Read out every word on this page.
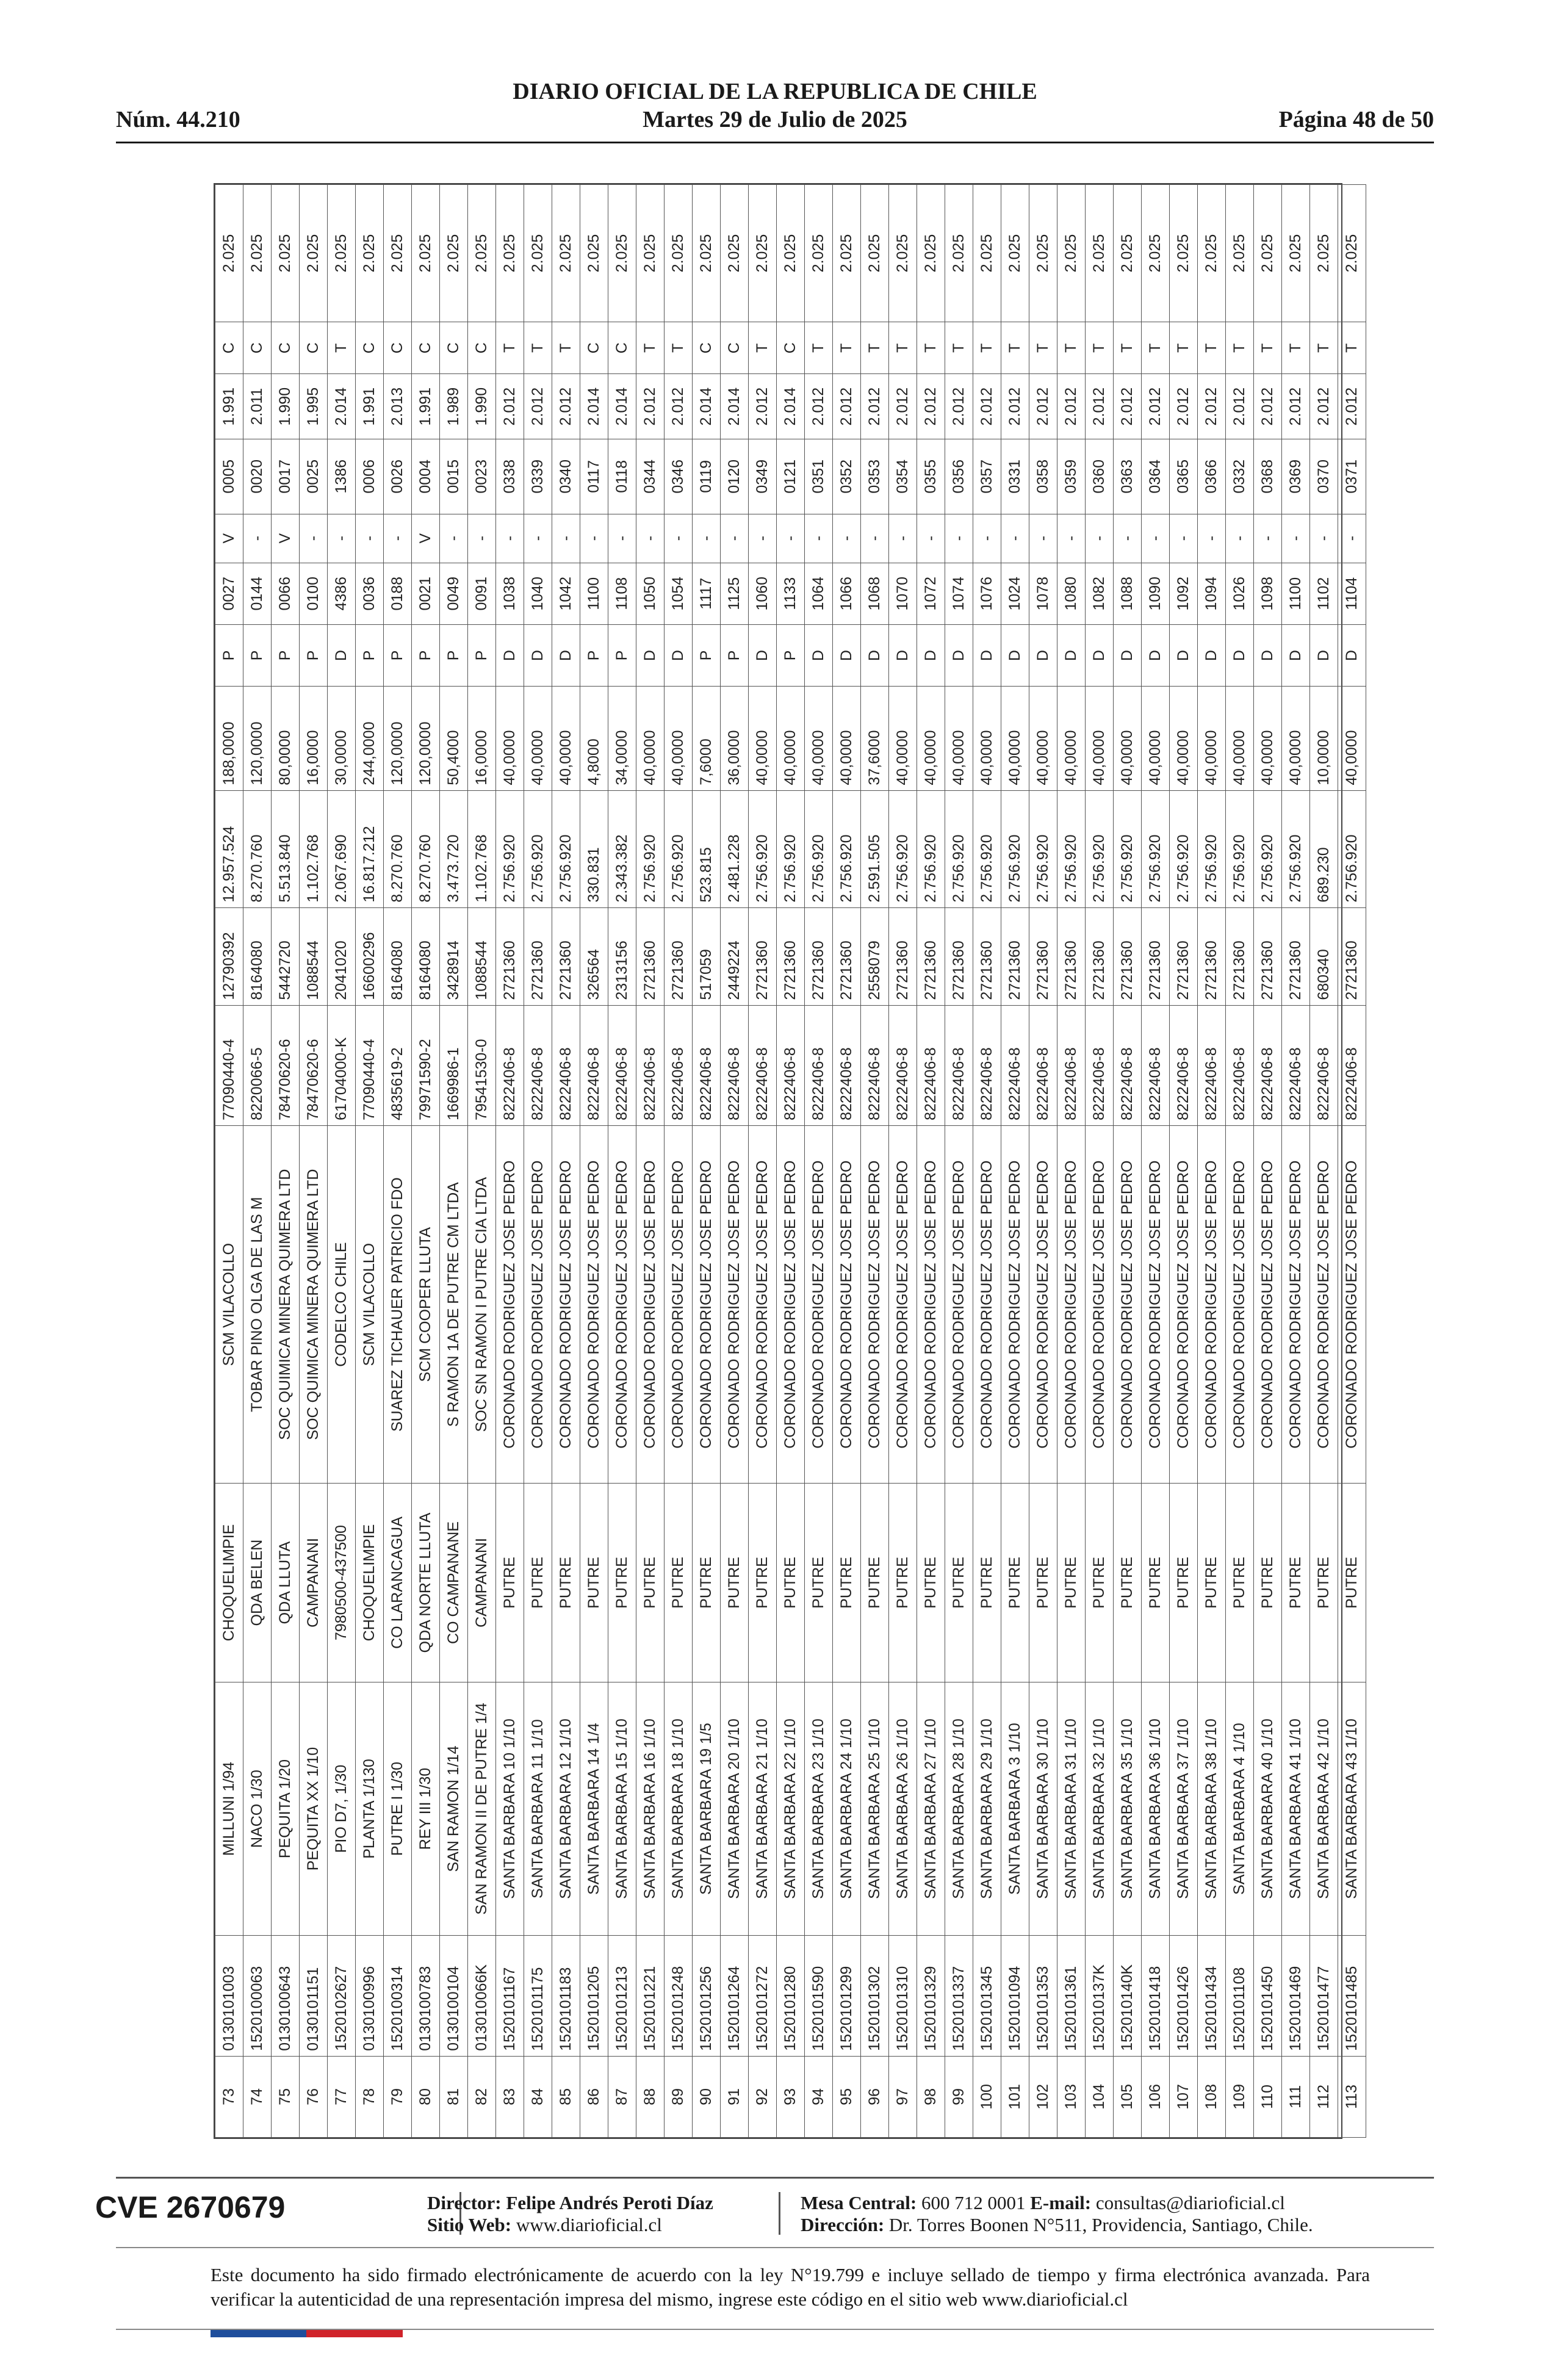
DIARIO OFICIAL DE LA REPUBLICA DE CHILE
Núm. 44.210	Martes 29 de Julio de 2025	Página 48 de 50
73	0130101003	MILLUNI 1/94	CHOQUELIMPIE	SCM VILACOLLO	77090440-4	12790392	12.957.524	188,0000	P	0027	V	0005	1.991	C	2.025
74	1520100063	NACO 1/30	QDA BELEN	TOBAR PINO OLGA DE LAS M	8220066-5	8164080	8.270.760	120,0000	P	0144	-	0020	2.011	C	2.025
75	0130100643	PEQUITA 1/20	QDA LLUTA	SOC QUIMICA MINERA QUIMERA LTD	78470620-6	5442720	5.513.840	80,0000	P	0066	V	0017	1.990	C	2.025
76	0130101151	PEQUITA XX 1/10	CAMPANANI	SOC QUIMICA MINERA QUIMERA LTD	78470620-6	1088544	1.102.768	16,0000	P	0100	-	0025	1.995	C	2.025
77	1520102627	PIO D7, 1/30	7980500-437500	CODELCO CHILE	61704000-K	2041020	2.067.690	30,0000	D	4386	-	1386	2.014	T	2.025
78	0130100996	PLANTA 1/130	CHOQUELIMPIE	SCM VILACOLLO	77090440-4	16600296	16.817.212	244,0000	P	0036	-	0006	1.991	C	2.025
79	1520100314	PUTRE I 1/30	CO LARANCAGUA	SUAREZ TICHAUER PATRICIO FDO	4835619-2	8164080	8.270.760	120,0000	P	0188	-	0026	2.013	C	2.025
80	0130100783	REY III 1/30	QDA NORTE LLUTA	SCM COOPER LLUTA	79971590-2	8164080	8.270.760	120,0000	P	0021	V	0004	1.991	C	2.025
81	0130100104	SAN RAMON 1/14	CO CAMPANANE	S RAMON 1A DE PUTRE CM LTDA	1669986-1	3428914	3.473.720	50,4000	P	0049	-	0015	1.989	C	2.025
82	013010066K	SAN RAMON II DE PUTRE 1/4	CAMPANANI	SOC SN RAMON I PUTRE CIA LTDA	79541530-0	1088544	1.102.768	16,0000	P	0091	-	0023	1.990	C	2.025
83	1520101167	SANTA BARBARA 10 1/10	PUTRE	CORONADO RODRIGUEZ JOSE PEDRO	8222406-8	2721360	2.756.920	40,0000	D	1038	-	0338	2.012	T	2.025
84	1520101175	SANTA BARBARA 11 1/10	PUTRE	CORONADO RODRIGUEZ JOSE PEDRO	8222406-8	2721360	2.756.920	40,0000	D	1040	-	0339	2.012	T	2.025
85	1520101183	SANTA BARBARA 12 1/10	PUTRE	CORONADO RODRIGUEZ JOSE PEDRO	8222406-8	2721360	2.756.920	40,0000	D	1042	-	0340	2.012	T	2.025
86	1520101205	SANTA BARBARA 14 1/4	PUTRE	CORONADO RODRIGUEZ JOSE PEDRO	8222406-8	326564	330.831	4,8000	P	1100	-	0117	2.014	C	2.025
87	1520101213	SANTA BARBARA 15 1/10	PUTRE	CORONADO RODRIGUEZ JOSE PEDRO	8222406-8	2313156	2.343.382	34,0000	P	1108	-	0118	2.014	C	2.025
88	1520101221	SANTA BARBARA 16 1/10	PUTRE	CORONADO RODRIGUEZ JOSE PEDRO	8222406-8	2721360	2.756.920	40,0000	D	1050	-	0344	2.012	T	2.025
89	1520101248	SANTA BARBARA 18 1/10	PUTRE	CORONADO RODRIGUEZ JOSE PEDRO	8222406-8	2721360	2.756.920	40,0000	D	1054	-	0346	2.012	T	2.025
90	1520101256	SANTA BARBARA 19 1/5	PUTRE	CORONADO RODRIGUEZ JOSE PEDRO	8222406-8	517059	523.815	7,6000	P	1117	-	0119	2.014	C	2.025
91	1520101264	SANTA BARBARA 20 1/10	PUTRE	CORONADO RODRIGUEZ JOSE PEDRO	8222406-8	2449224	2.481.228	36,0000	P	1125	-	0120	2.014	C	2.025
92	1520101272	SANTA BARBARA 21 1/10	PUTRE	CORONADO RODRIGUEZ JOSE PEDRO	8222406-8	2721360	2.756.920	40,0000	D	1060	-	0349	2.012	T	2.025
93	1520101280	SANTA BARBARA 22 1/10	PUTRE	CORONADO RODRIGUEZ JOSE PEDRO	8222406-8	2721360	2.756.920	40,0000	P	1133	-	0121	2.014	C	2.025
94	1520101590	SANTA BARBARA 23 1/10	PUTRE	CORONADO RODRIGUEZ JOSE PEDRO	8222406-8	2721360	2.756.920	40,0000	D	1064	-	0351	2.012	T	2.025
95	1520101299	SANTA BARBARA 24 1/10	PUTRE	CORONADO RODRIGUEZ JOSE PEDRO	8222406-8	2721360	2.756.920	40,0000	D	1066	-	0352	2.012	T	2.025
96	1520101302	SANTA BARBARA 25 1/10	PUTRE	CORONADO RODRIGUEZ JOSE PEDRO	8222406-8	2558079	2.591.505	37,6000	D	1068	-	0353	2.012	T	2.025
97	1520101310	SANTA BARBARA 26 1/10	PUTRE	CORONADO RODRIGUEZ JOSE PEDRO	8222406-8	2721360	2.756.920	40,0000	D	1070	-	0354	2.012	T	2.025
98	1520101329	SANTA BARBARA 27 1/10	PUTRE	CORONADO RODRIGUEZ JOSE PEDRO	8222406-8	2721360	2.756.920	40,0000	D	1072	-	0355	2.012	T	2.025
99	1520101337	SANTA BARBARA 28 1/10	PUTRE	CORONADO RODRIGUEZ JOSE PEDRO	8222406-8	2721360	2.756.920	40,0000	D	1074	-	0356	2.012	T	2.025
100	1520101345	SANTA BARBARA 29 1/10	PUTRE	CORONADO RODRIGUEZ JOSE PEDRO	8222406-8	2721360	2.756.920	40,0000	D	1076	-	0357	2.012	T	2.025
101	1520101094	SANTA BARBARA 3 1/10	PUTRE	CORONADO RODRIGUEZ JOSE PEDRO	8222406-8	2721360	2.756.920	40,0000	D	1024	-	0331	2.012	T	2.025
102	1520101353	SANTA BARBARA 30 1/10	PUTRE	CORONADO RODRIGUEZ JOSE PEDRO	8222406-8	2721360	2.756.920	40,0000	D	1078	-	0358	2.012	T	2.025
103	1520101361	SANTA BARBARA 31 1/10	PUTRE	CORONADO RODRIGUEZ JOSE PEDRO	8222406-8	2721360	2.756.920	40,0000	D	1080	-	0359	2.012	T	2.025
104	152010137K	SANTA BARBARA 32 1/10	PUTRE	CORONADO RODRIGUEZ JOSE PEDRO	8222406-8	2721360	2.756.920	40,0000	D	1082	-	0360	2.012	T	2.025
105	152010140K	SANTA BARBARA 35 1/10	PUTRE	CORONADO RODRIGUEZ JOSE PEDRO	8222406-8	2721360	2.756.920	40,0000	D	1088	-	0363	2.012	T	2.025
106	1520101418	SANTA BARBARA 36 1/10	PUTRE	CORONADO RODRIGUEZ JOSE PEDRO	8222406-8	2721360	2.756.920	40,0000	D	1090	-	0364	2.012	T	2.025
107	1520101426	SANTA BARBARA 37 1/10	PUTRE	CORONADO RODRIGUEZ JOSE PEDRO	8222406-8	2721360	2.756.920	40,0000	D	1092	-	0365	2.012	T	2.025
108	1520101434	SANTA BARBARA 38 1/10	PUTRE	CORONADO RODRIGUEZ JOSE PEDRO	8222406-8	2721360	2.756.920	40,0000	D	1094	-	0366	2.012	T	2.025
109	1520101108	SANTA BARBARA 4 1/10	PUTRE	CORONADO RODRIGUEZ JOSE PEDRO	8222406-8	2721360	2.756.920	40,0000	D	1026	-	0332	2.012	T	2.025
110	1520101450	SANTA BARBARA 40 1/10	PUTRE	CORONADO RODRIGUEZ JOSE PEDRO	8222406-8	2721360	2.756.920	40,0000	D	1098	-	0368	2.012	T	2.025
111	1520101469	SANTA BARBARA 41 1/10	PUTRE	CORONADO RODRIGUEZ JOSE PEDRO	8222406-8	2721360	2.756.920	40,0000	D	1100	-	0369	2.012	T	2.025
112	1520101477	SANTA BARBARA 42 1/10	PUTRE	CORONADO RODRIGUEZ JOSE PEDRO	8222406-8	680340	689.230	10,0000	D	1102	-	0370	2.012	T	2.025
113	1520101485	SANTA BARBARA 43 1/10	PUTRE	CORONADO RODRIGUEZ JOSE PEDRO	8222406-8	2721360	2.756.920	40,0000	D	1104	-	0371	2.012	T	2.025
CVE 2670679	Director: Felipe Andrés Peroti Díaz
Sitio Web: www.diarioficial.cl
Mesa Central: 600 712 0001 E-mail: consultas@diarioficial.cl
Dirección: Dr. Torres Boonen N°511, Providencia, Santiago, Chile.
Este documento ha sido firmado electrónicamente de acuerdo con la ley N°19.799 e incluye sellado de tiempo y firma electrónica avanzada. Para verificar la autenticidad de una representación impresa del mismo, ingrese este código en el sitio web www.diarioficial.cl
